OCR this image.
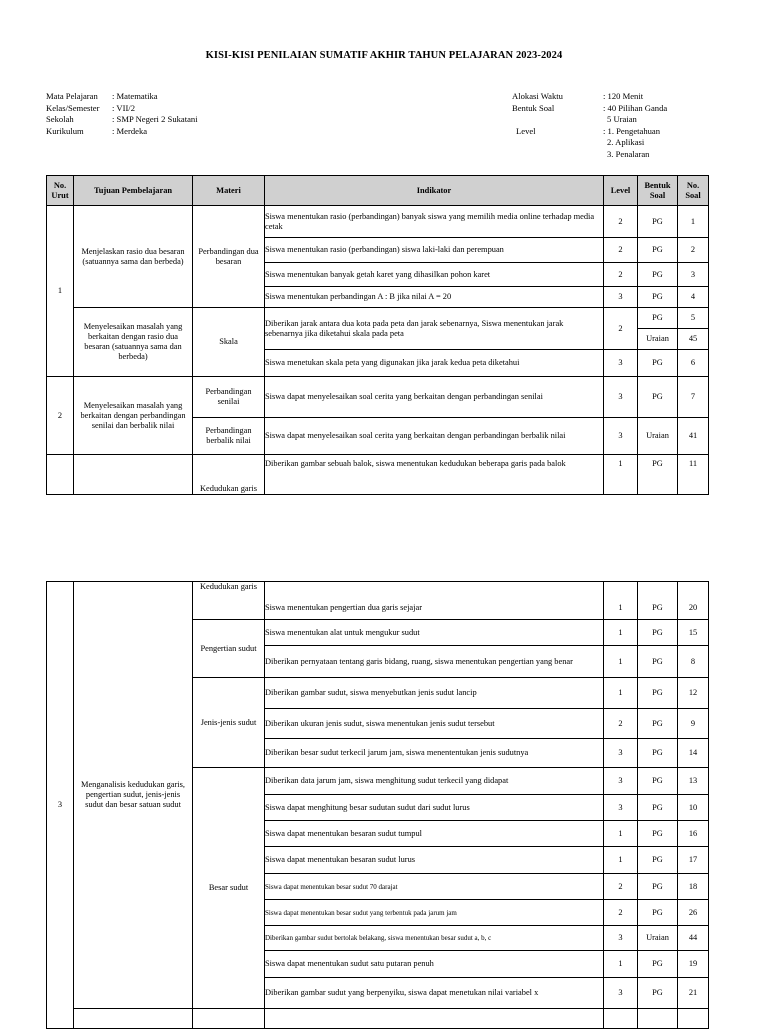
KISI-KISI PENILAIAN SUMATIF AKHIR TAHUN PELAJARAN 2023-2024
Mata Pelajaran	: Matematika
Kelas/Semester	: VII/2
Sekolah	: SMP Negeri 2 Sukatani
Kurikulum	: Merdeka
Alokasi Waktu	: 120 Menit
Bentuk Soal	: 40 Pilihan Ganda
5 Uraian
Level	: 1. Pengetahuan
2. Aplikasi
3. Penalaran
No. Urut	Tujuan Pembelajaran	Materi	Indikator	Level	Bentuk Soal	No. Soal
1	Menjelaskan rasio dua besaran (satuannya sama dan berbeda)	Perbandingan dua besaran	Siswa menentukan rasio (perbandingan) banyak siswa yang memilih media online terhadap media cetak	2	PG	1
			Siswa menentukan rasio (perbandingan) siswa laki-laki dan perempuan	2	PG	2
			Siswa menentukan banyak getah karet yang dihasilkan pohon karet	2	PG	3
			Siswa menentukan perbandingan A : B jika nilai A = 20	3	PG	4
	Menyelesaikan masalah yang berkaitan dengan rasio dua besaran (satuannya sama dan berbeda)	Skala	Diberikan jarak antara dua kota pada peta dan jarak sebenarnya, Siswa menentukan jarak sebenarnya jika diketahui skala pada peta	2	PG	5
					Uraian	45
			Siswa menetukan skala peta yang digunakan jika jarak kedua peta diketahui	3	PG	6
2	Menyelesaikan masalah yang berkaitan dengan perbandingan senilai dan berbalik nilai	Perbandingan senilai	Siswa dapat menyelesaikan soal cerita yang berkaitan dengan perbandingan senilai	3	PG	7
		Perbandingan berbalik nilai	Siswa dapat menyelesaikan soal cerita yang berkaitan dengan perbandingan berbalik nilai	3	Uraian	41
		Kedudukan garis	Diberikan gambar sebuah balok, siswa menentukan kedudukan beberapa garis pada balok	1	PG	11
3	Menganalisis kedudukan garis, pengertian sudut, jenis-jenis sudut dan besar satuan sudut	Kedudukan garis	Siswa menentukan pengertian dua garis sejajar	1	PG	20
		Pengertian sudut	Siswa menentukan alat untuk mengukur sudut	1	PG	15
			Diberikan pernyataan tentang garis bidang, ruang, siswa menentukan pengertian yang benar	1	PG	8
		Jenis-jenis sudut	Diberikan gambar sudut, siswa menyebutkan jenis sudut lancip	1	PG	12
			Diberikan ukuran jenis sudut, siswa menentukan jenis sudut tersebut	2	PG	9
			Diberikan besar sudut terkecil jarum jam, siswa menententukan jenis sudutnya	3	PG	14
		Besar sudut	Diberikan data jarum jam, siswa menghitung sudut terkecil yang didapat	3	PG	13
			Siswa dapat menghitung besar sudutan sudut dari sudut lurus	3	PG	10
			Siswa dapat menentukan besaran sudut tumpul	1	PG	16
			Siswa dapat menentukan besaran sudut lurus	1	PG	17
			Siswa dapat menentukan besar sudut 70 darajat	2	PG	18
			Siswa dapat menentukan besar sudut yang terbentuk pada jarum jam	2	PG	26
			Diberikan gambar sudut bertolak belakang, siswa menentukan besar sudut a, b, c	3	Uraian	44
			Siswa dapat menentukan sudut satu putaran penuh	1	PG	19
			Diberikan gambar sudut yang berpenyiku, siswa dapat menetukan nilai variabel x	3	PG	21
